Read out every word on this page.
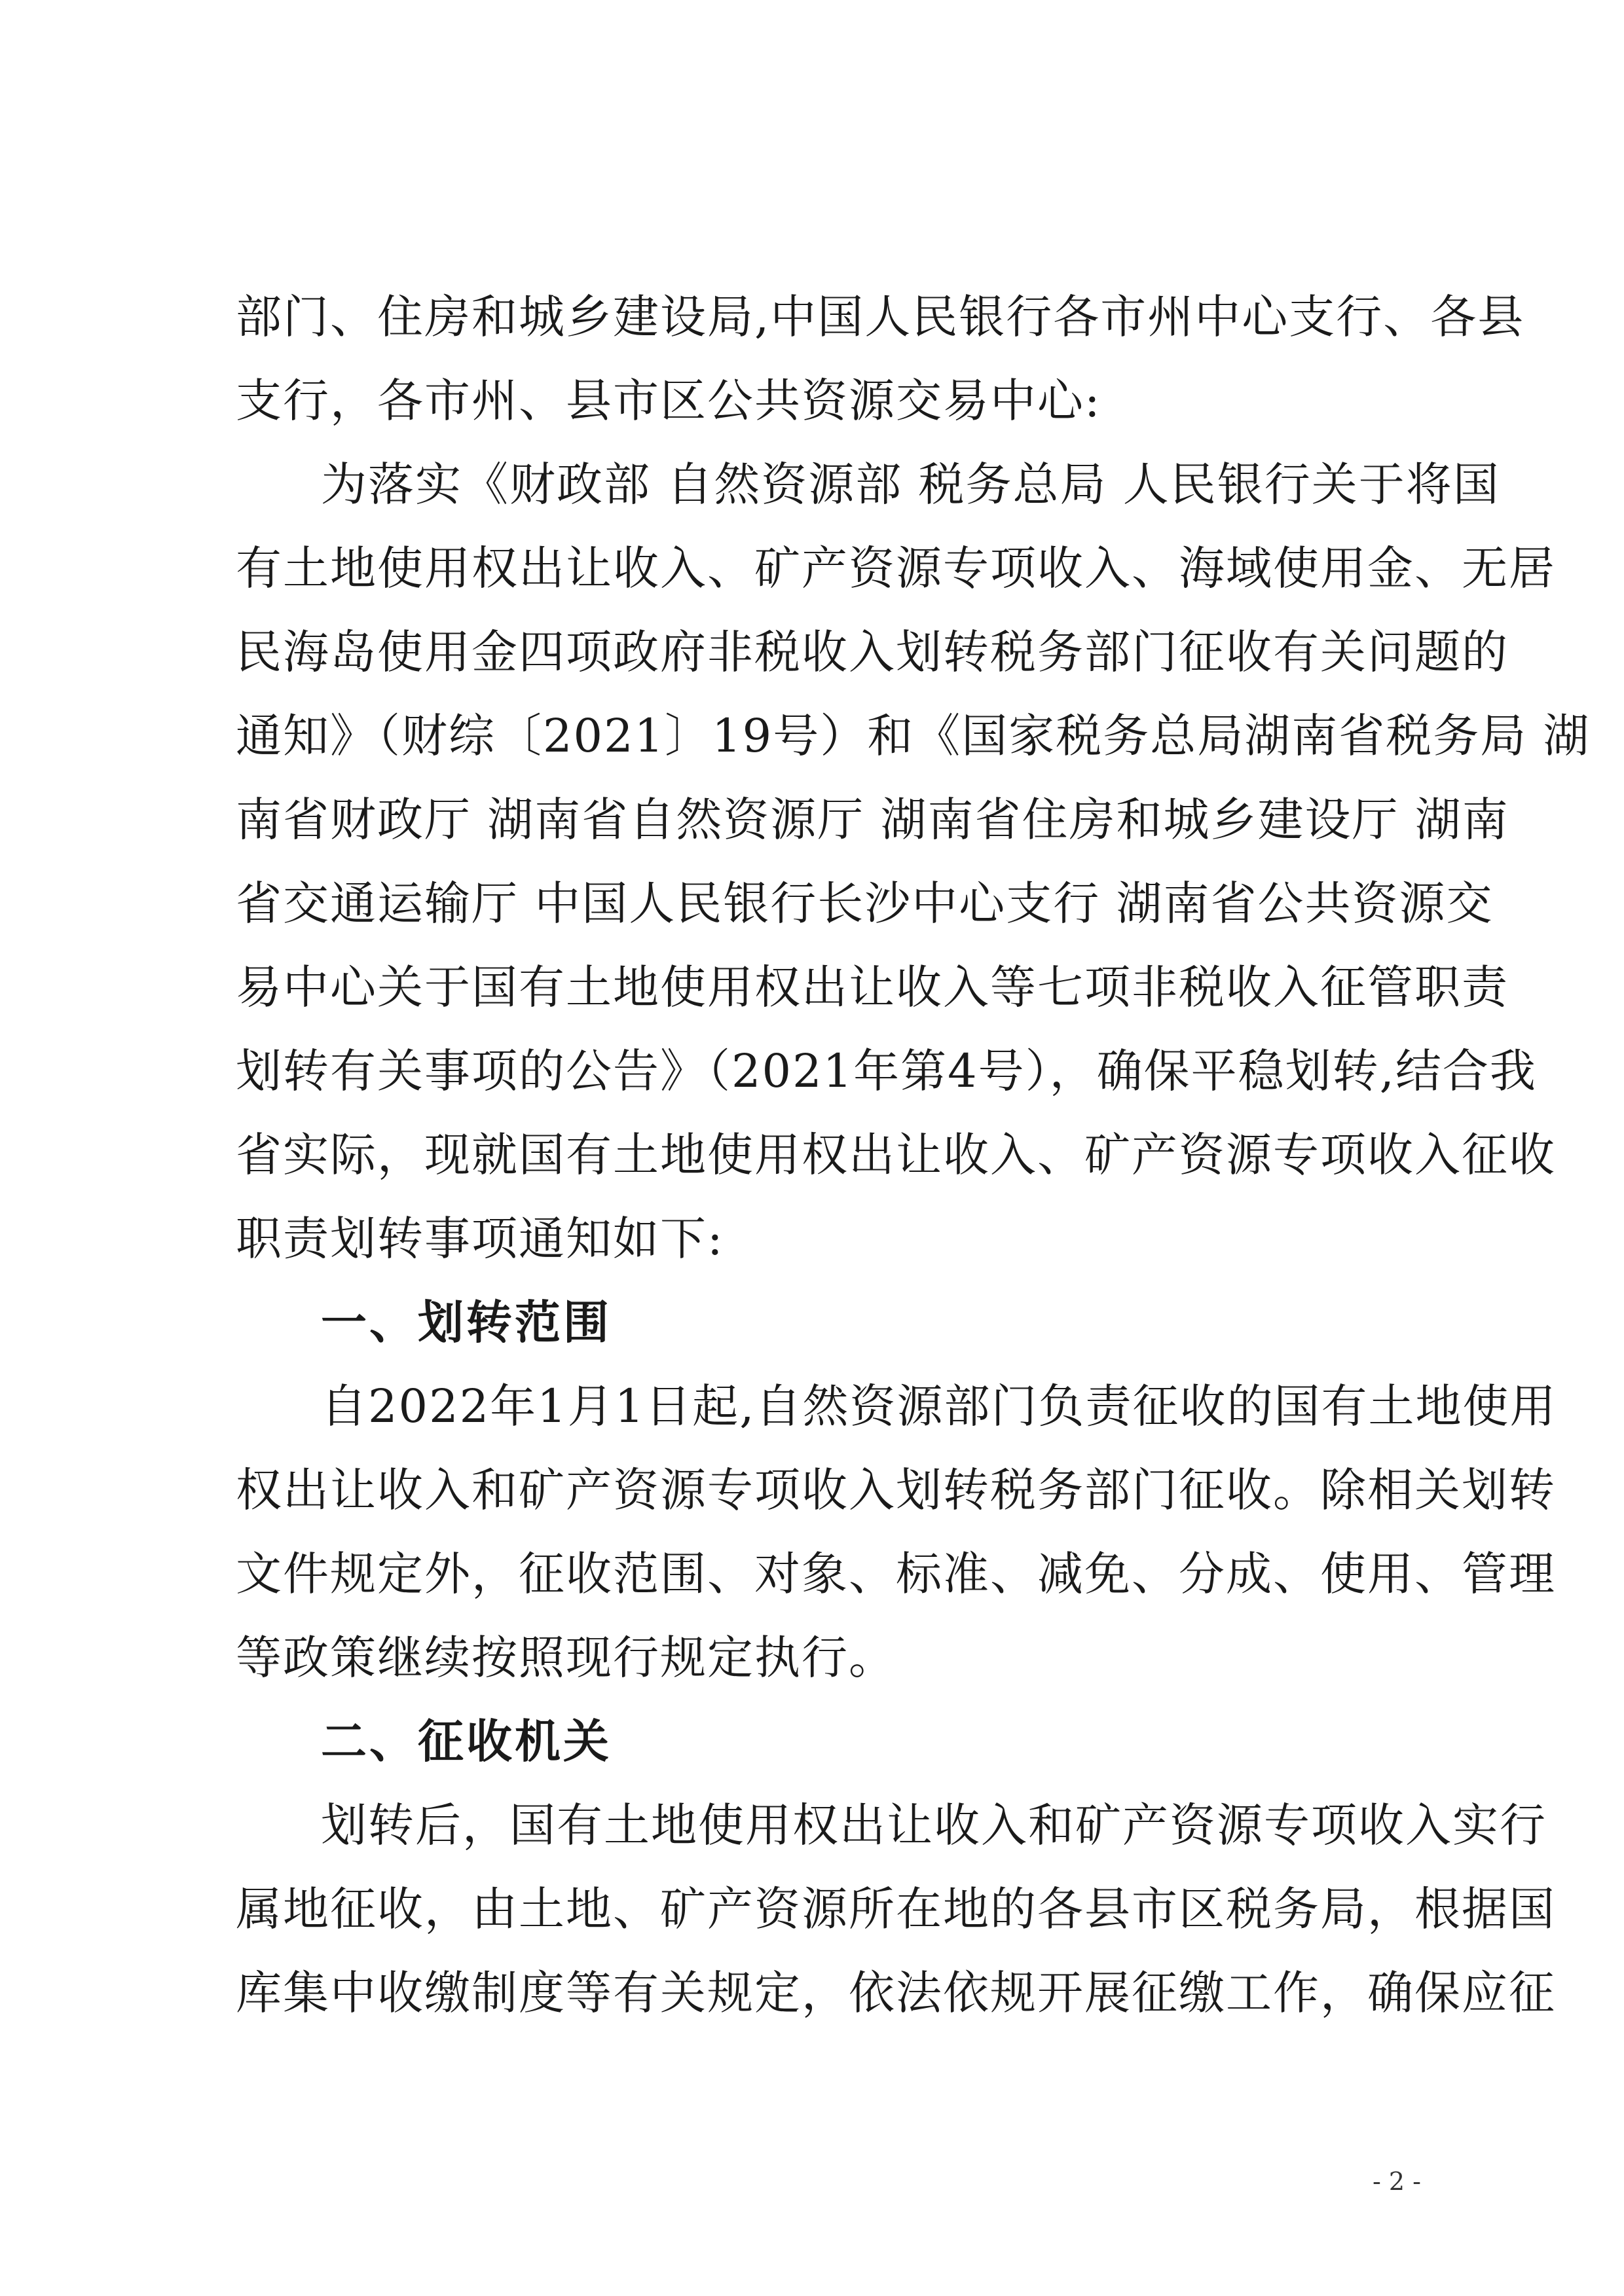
部门、住房和城乡建设局,中国人民银行各市州中心支行、各县
支行，各市州、县市区公共资源交易中心:
为落实《财政部 自然资源部 税务总局 人民银行关于将国
有土地使用权出让收入、矿产资源专项收入、海域使用金、无居
民海岛使用金四项政府非税收入划转税务部门征收有关问题的
通知》（财综〔2021〕19号）和《国家税务总局湖南省税务局 湖
南省财政厅 湖南省自然资源厅 湖南省住房和城乡建设厅 湖南
省交通运输厅 中国人民银行长沙中心支行 湖南省公共资源交
易中心关于国有土地使用权出让收入等七项非税收入征管职责
划转有关事项的公告》（2021年第4号），确保平稳划转,结合我
省实际，现就国有土地使用权出让收入、矿产资源专项收入征收
职责划转事项通知如下:
一、划转范围
自2022年1月1日起,自然资源部门负责征收的国有土地使用
权出让收入和矿产资源专项收入划转税务部门征收。除相关划转
文件规定外，征收范围、对象、标准、减免、分成、使用、管理
等政策继续按照现行规定执行。
二、征收机关
划转后，国有土地使用权出让收入和矿产资源专项收入实行
属地征收，由土地、矿产资源所在地的各县市区税务局，根据国
库集中收缴制度等有关规定，依法依规开展征缴工作，确保应征
- 2 -
